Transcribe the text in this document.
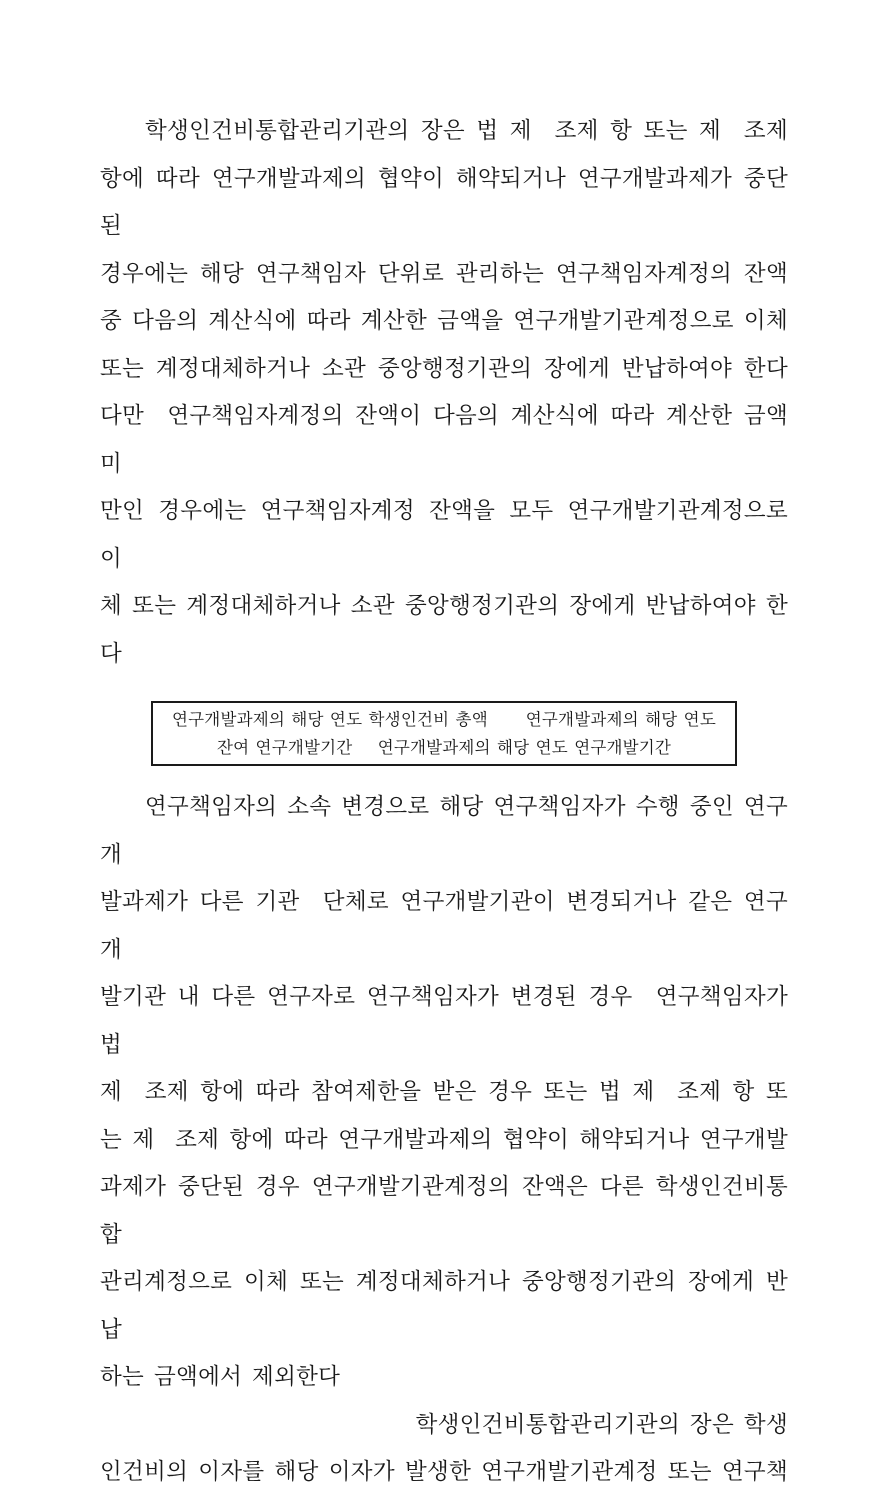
학생인건비통합관리기관의 장은 법 제  조제 항 또는 제  조제
항에 따라 연구개발과제의 협약이 해약되거나 연구개발과제가 중단된
경우에는 해당 연구책임자 단위로 관리하는 연구책임자계정의 잔액
중 다음의 계산식에 따라 계산한 금액을 연구개발기관계정으로 이체
또는 계정대체하거나 소관 중앙행정기관의 장에게 반납하여야 한다
다만  연구책임자계정의 잔액이 다음의 계산식에 따라 계산한 금액 미
만인 경우에는 연구책임자계정 잔액을 모두 연구개발기관계정으로 이
체 또는 계정대체하거나 소관 중앙행정기관의 장에게 반납하여야 한
다
연구개발과제의 해당 연도 학생인건비 총액      연구개발과제의 해당 연도
잔여 연구개발기간    연구개발과제의 해당 연도 연구개발기간
연구책임자의 소속 변경으로 해당 연구책임자가 수행 중인 연구개
발과제가 다른 기관  단체로 연구개발기관이 변경되거나 같은 연구개
발기관 내 다른 연구자로 연구책임자가 변경된 경우  연구책임자가 법
제  조제 항에 따라 참여제한을 받은 경우 또는 법 제  조제 항 또
는 제  조제 항에 따라 연구개발과제의 협약이 해약되거나 연구개발
과제가 중단된 경우 연구개발기관계정의 잔액은 다른 학생인건비통합
관리계정으로 이체 또는 계정대체하거나 중앙행정기관의 장에게 반납
하는 금액에서 제외한다
학생인건비통합관리기관의 장은 학생
인건비의 이자를 해당 이자가 발생한 연구개발기관계정 또는 연구책
